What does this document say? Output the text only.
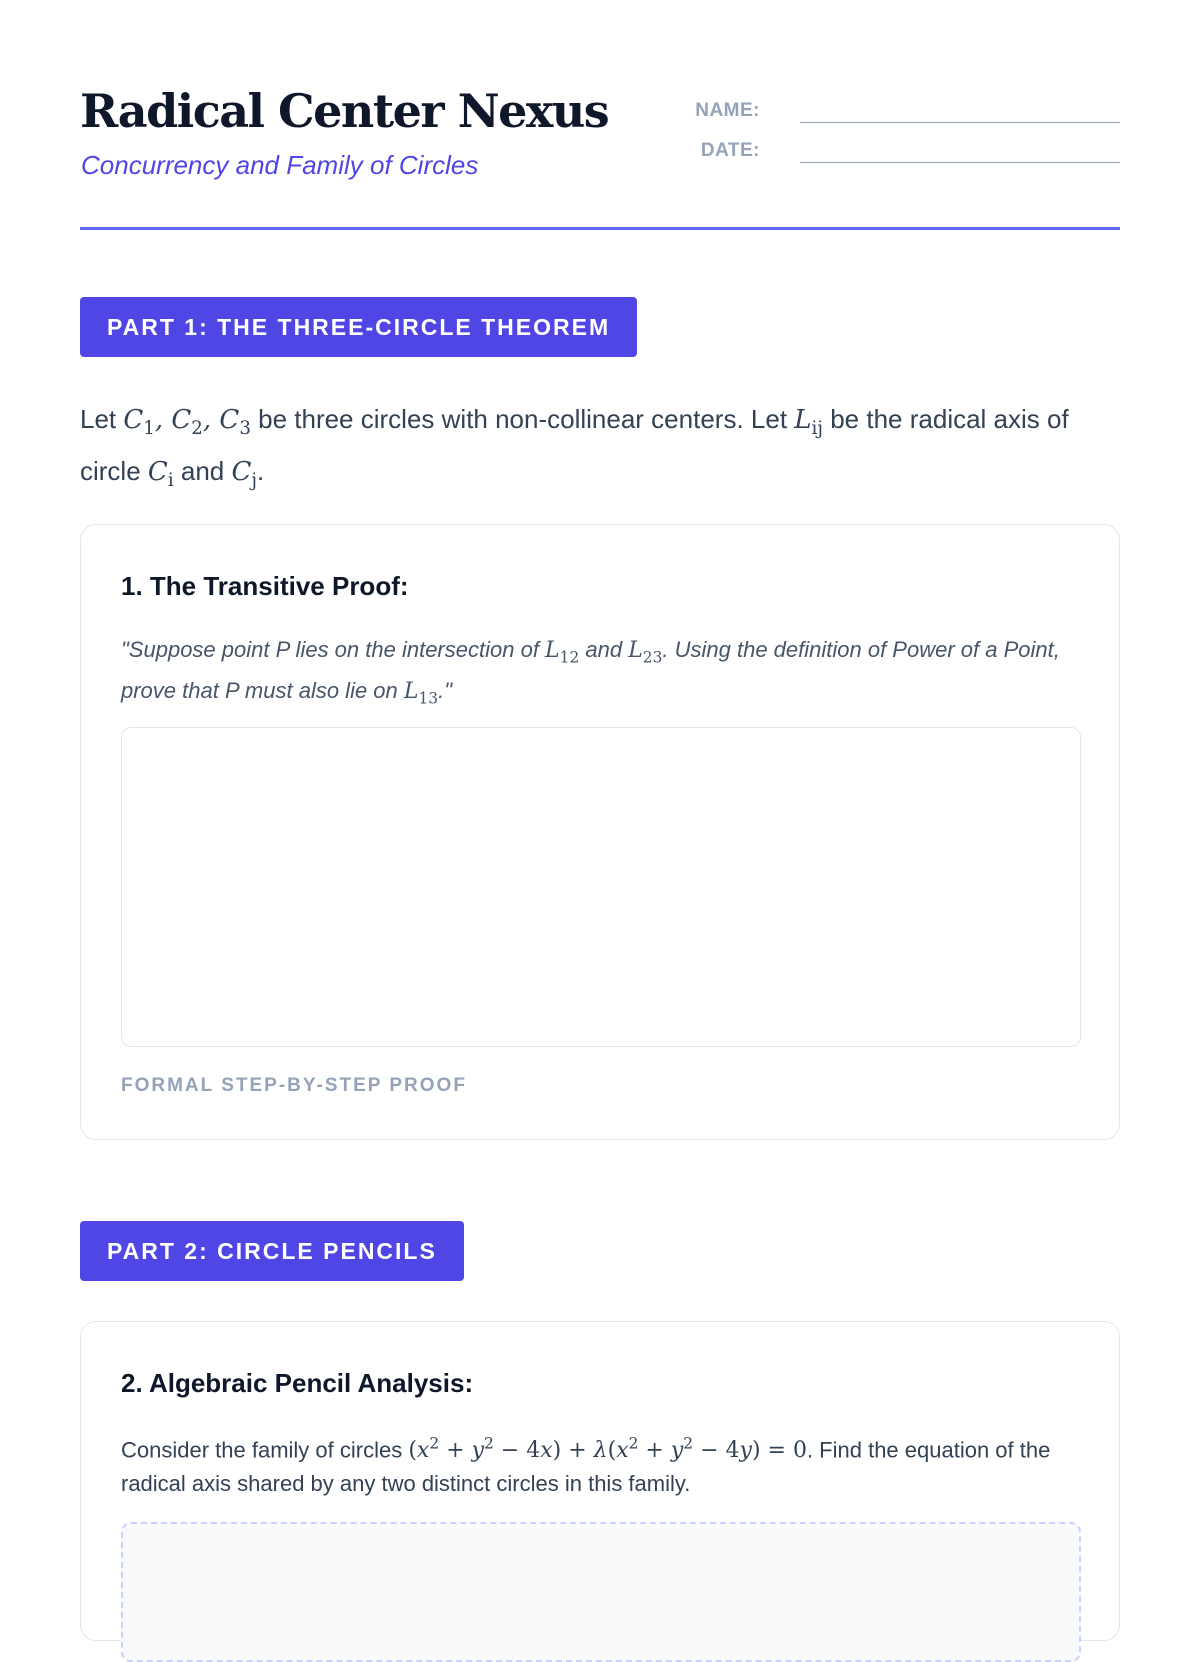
Radical Center Nexus
Concurrency and Family of Circles
NAME:
DATE:
PART 1: THE THREE-CIRCLE THEOREM
Let $C_1$, $C_2$, $C_3$ be three circles with non-collinear centers. Let $L_{ij}$ be the radical axis of circle $C_i$ and $C_j$.
1. The Transitive Proof:
"Suppose point P lies on the intersection of $L_{12}$ and $L_{23}$. Using the definition of Power of a Point, prove that P must also lie on $L_{13}$."
FORMAL STEP-BY-STEP PROOF
PART 2: CIRCLE PENCILS
2. Algebraic Pencil Analysis:
Consider the family of circles $(x^2 + y^2 - 4x) + \lambda(x^2 + y^2 - 4y) = 0$. Find the equation of the radical axis shared by any two distinct circles in this family.
